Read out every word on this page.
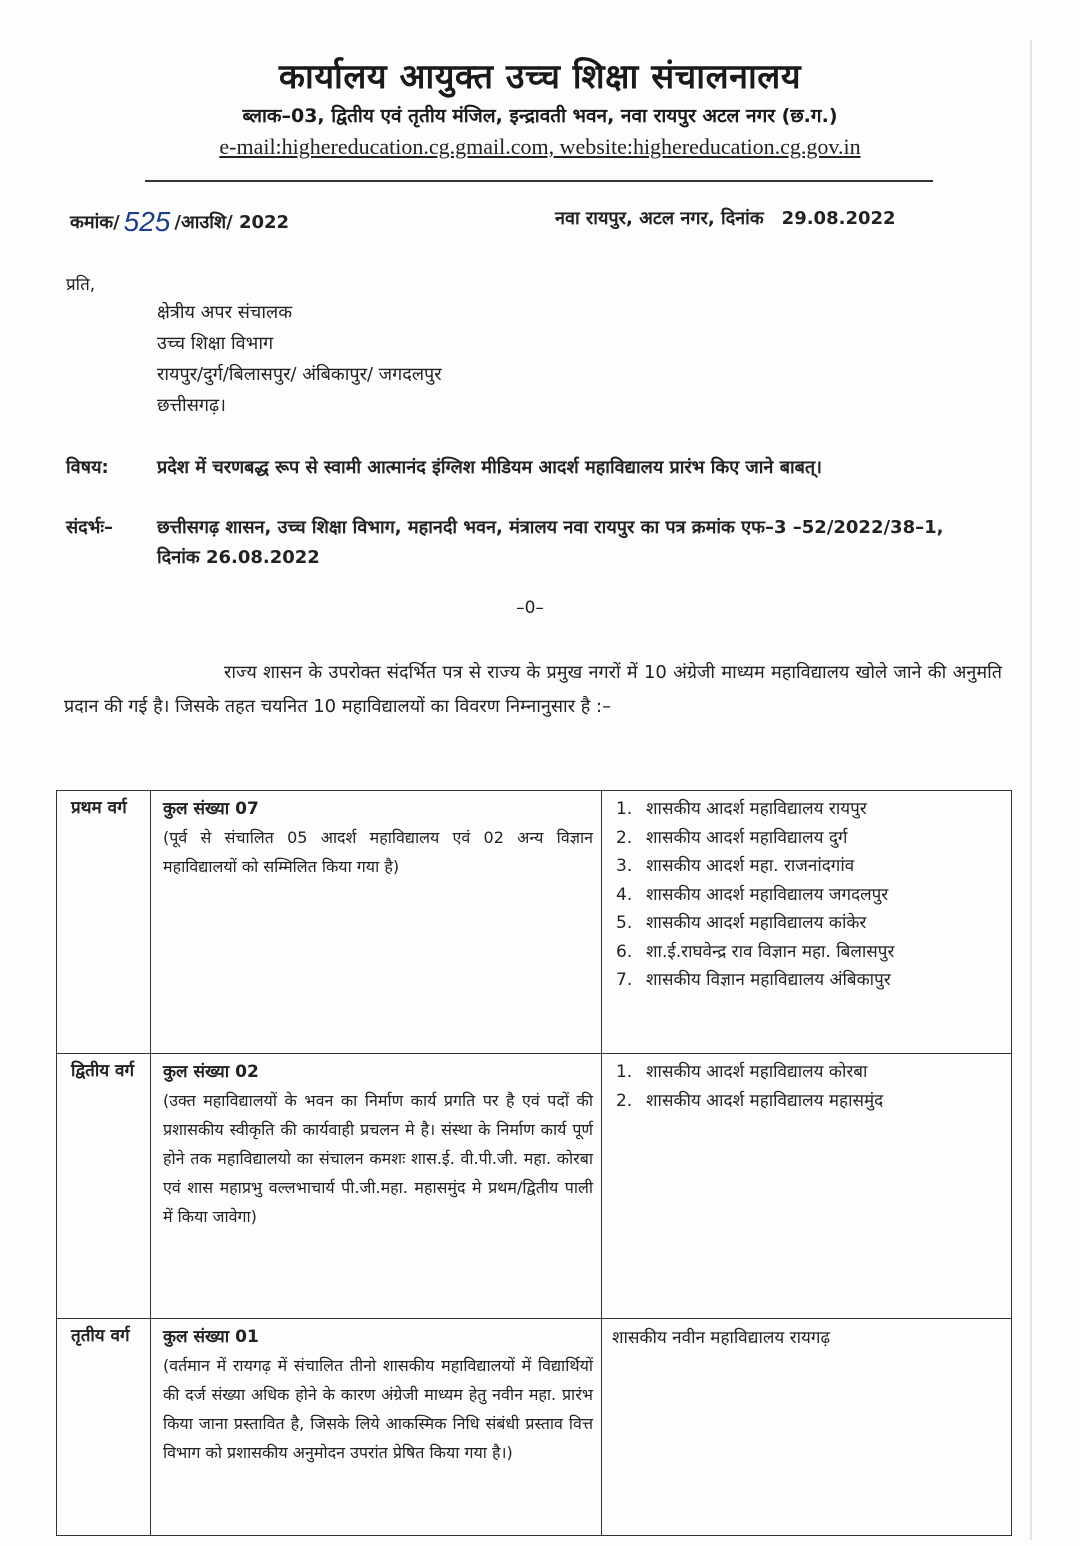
कार्यालय आयुक्त उच्च शिक्षा संचालनालय
ब्लाक–03, द्वितीय एवं तृतीय मंजिल, इन्द्रावती भवन, नवा रायपुर अटल नगर (छ.ग.)
e-mail:highereducation.cg.gmail.com, website:highereducation.cg.gov.in
कमांक/ 525 /आउशि/ 2022	नवा रायपुर, अटल नगर, दिनांक 29.08.2022
प्रति,
क्षेत्रीय अपर संचालक
उच्च शिक्षा विभाग
रायपुर/दुर्ग/बिलासपुर/ अंबिकापुर/ जगदलपुर
छत्तीसगढ़।
विषय:	प्रदेश में चरणबद्ध रूप से स्वामी आत्मानंद इंग्लिश मीडियम आदर्श महाविद्यालय प्रारंभ किए जाने बाबत्।
संदर्भः– छत्तीसगढ़ शासन, उच्च शिक्षा विभाग, महानदी भवन, मंत्रालय नवा रायपुर का पत्र क्रमांक एफ–3 –52/2022/38–1, दिनांक 26.08.2022
–0–
राज्य शासन के उपरोक्त संदर्भित पत्र से राज्य के प्रमुख नगरों में 10 अंग्रेजी माध्यम महाविद्यालय खोले जाने की अनुमति प्रदान की गई है। जिसके तहत चयनित 10 महाविद्यालयों का विवरण निम्नानुसार है :–
प्रथम वर्ग	कुल संख्या 07
(पूर्व से संचालित 05 आदर्श महाविद्यालय एवं 02 अन्य विज्ञान महाविद्यालयों को सम्मिलित किया गया है)
1. शासकीय आदर्श महाविद्यालय रायपुर
2. शासकीय आदर्श महाविद्यालय दुर्ग
3. शासकीय आदर्श महा. राजनांदगांव
4. शासकीय आदर्श महाविद्यालय जगदलपुर
5. शासकीय आदर्श महाविद्यालय कांकेर
6. शा.ई.राघवेन्द्र राव विज्ञान महा. बिलासपुर
7. शासकीय विज्ञान महाविद्यालय अंबिकापुर
द्वितीय वर्ग	कुल संख्या 02
(उक्त महाविद्यालयों के भवन का निर्माण कार्य प्रगति पर है एवं पदों की प्रशासकीय स्वीकृति की कार्यवाही प्रचलन मे है। संस्था के निर्माण कार्य पूर्ण होने तक महाविद्यालयो का संचालन कमशः शास.ई. वी.पी.जी. महा. कोरबा एवं शास महाप्रभु वल्लभाचार्य पी.जी.महा. महासमुंद मे प्रथम/द्वितीय पाली में किया जावेगा)
1. शासकीय आदर्श महाविद्यालय कोरबा
2. शासकीय आदर्श महाविद्यालय महासमुंद
तृतीय वर्ग	कुल संख्या 01
(वर्तमान में रायगढ़ में संचालित तीनो शासकीय महाविद्यालयों में विद्यार्थियों की दर्ज संख्या अधिक होने के कारण अंग्रेजी माध्यम हेतु नवीन महा. प्रारंभ किया जाना प्रस्तावित है, जिसके लिये आकस्मिक निधि संबंधी प्रस्ताव वित्त विभाग को प्रशासकीय अनुमोदन उपरांत प्रेषित किया गया है।)
शासकीय नवीन महाविद्यालय रायगढ़
